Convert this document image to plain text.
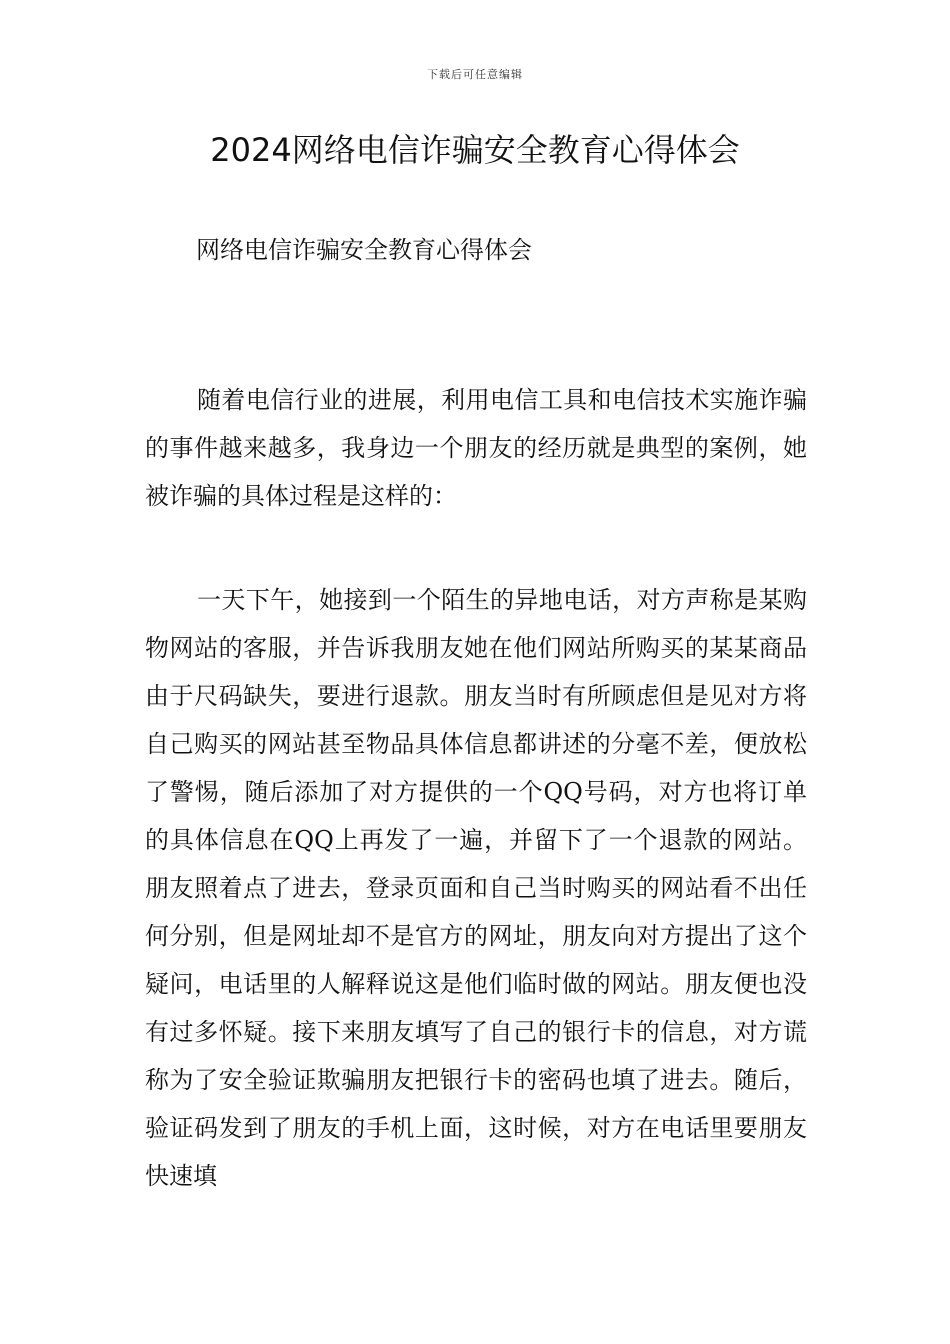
下载后可任意编辑
2024网络电信诈骗安全教育心得体会

网络电信诈骗安全教育心得体会

随着电信行业的进展，利用电信工具和电信技术实施诈骗的事件越来越多，我身边一个朋友的经历就是典型的案例，她被诈骗的具体过程是这样的：

一天下午，她接到一个陌生的异地电话，对方声称是某购物网站的客服，并告诉我朋友她在他们网站所购买的某某商品由于尺码缺失，要进行退款。朋友当时有所顾虑但是见对方将自己购买的网站甚至物品具体信息都讲述的分毫不差，便放松了警惕，随后添加了对方提供的一个QQ号码，对方也将订单的具体信息在QQ上再发了一遍，并留下了一个退款的网站。朋友照着点了进去，登录页面和自己当时购买的网站看不出任何分别，但是网址却不是官方的网址，朋友向对方提出了这个疑问，电话里的人解释说这是他们临时做的网站。朋友便也没有过多怀疑。接下来朋友填写了自己的银行卡的信息，对方谎称为了安全验证欺骗朋友把银行卡的密码也填了进去。随后，验证码发到了朋友的手机上面，这时候，对方在电话里要朋友快速填
